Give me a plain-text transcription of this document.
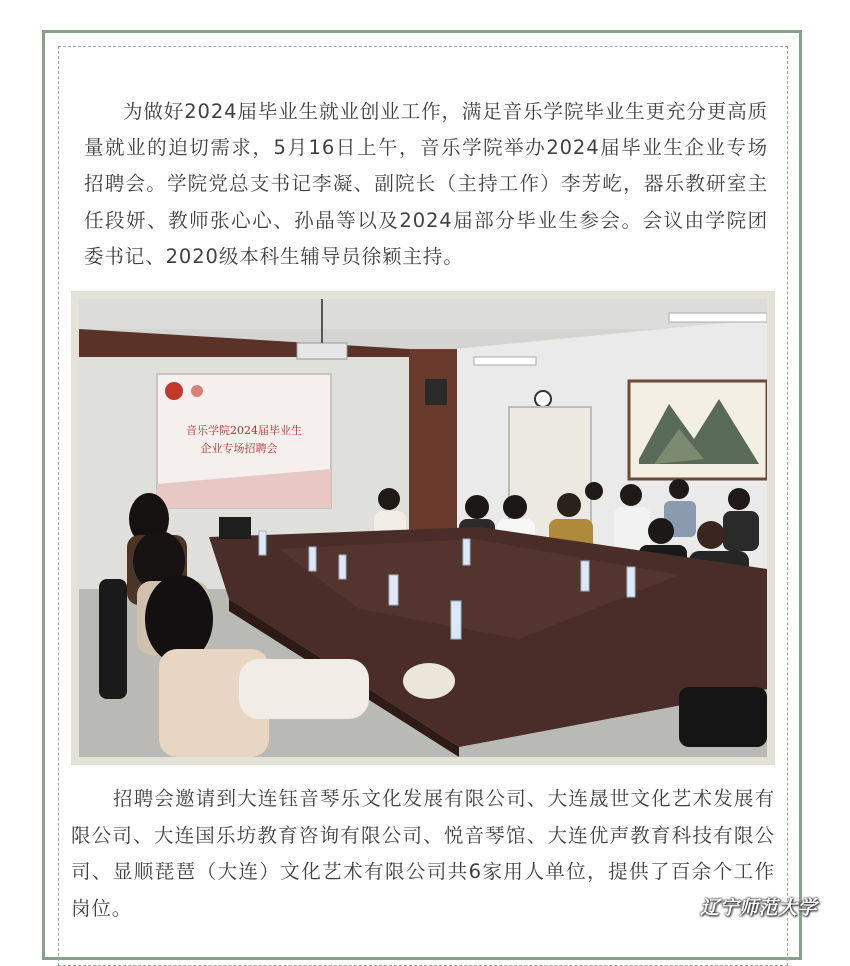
为做好2024届毕业生就业创业工作，满足音乐学院毕业生更充分更高质量就业的迫切需求，5月16日上午，音乐学院举办2024届毕业生企业专场招聘会。学院党总支书记李凝、副院长（主持工作）李芳屹，器乐教研室主任段妍、教师张心心、孙晶等以及2024届部分毕业生参会。会议由学院团委书记、2020级本科生辅导员徐颖主持。

音乐学院2024届毕业生
企业专场招聘会

招聘会邀请到大连钰音琴乐文化发展有限公司、大连晟世文化艺术发展有限公司、大连国乐坊教育咨询有限公司、悦音琴馆、大连优声教育科技有限公司、显顺琵琶（大连）文化艺术有限公司共6家用人单位，提供了百余个工作岗位。	辽宁师范大学
